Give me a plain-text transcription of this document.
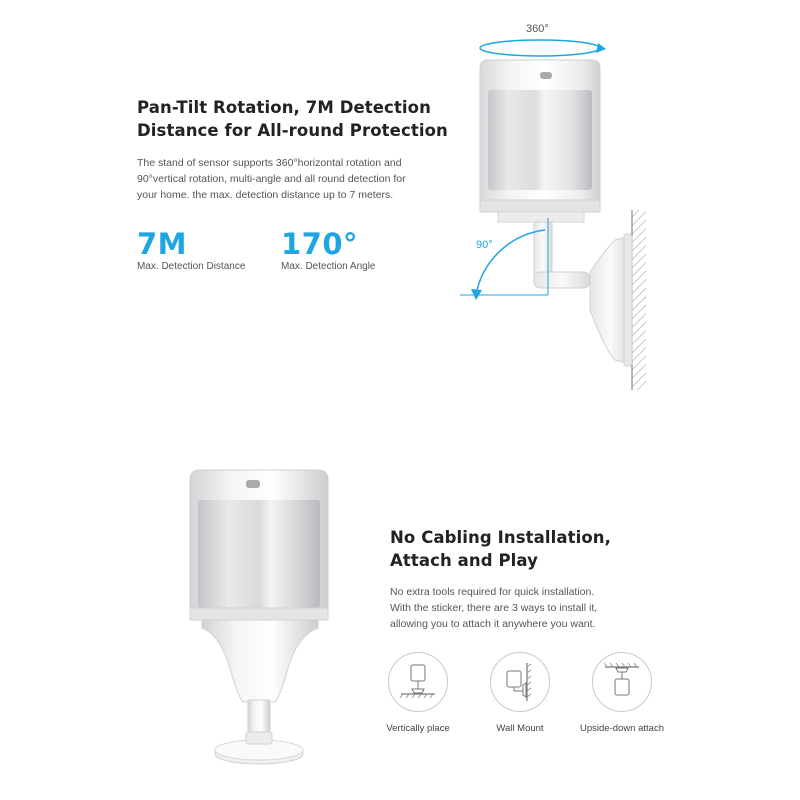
Pan-Tilt Rotation, 7M Detection
Distance for All-round Protection
The stand of sensor supports 360°horizontal rotation and
90°vertical rotation, multi-angle and all round detection for
your home. the max. detection distance up to 7 meters.
7M
Max. Detection Distance
170°
Max. Detection Angle
360°
90°
No Cabling Installation,
Attach and Play
No extra tools required for quick installation.
With the sticker, there are 3 ways to install it,
allowing you to attach it anywhere you want.
Vertically place	Wall Mount	Upside-down attach
